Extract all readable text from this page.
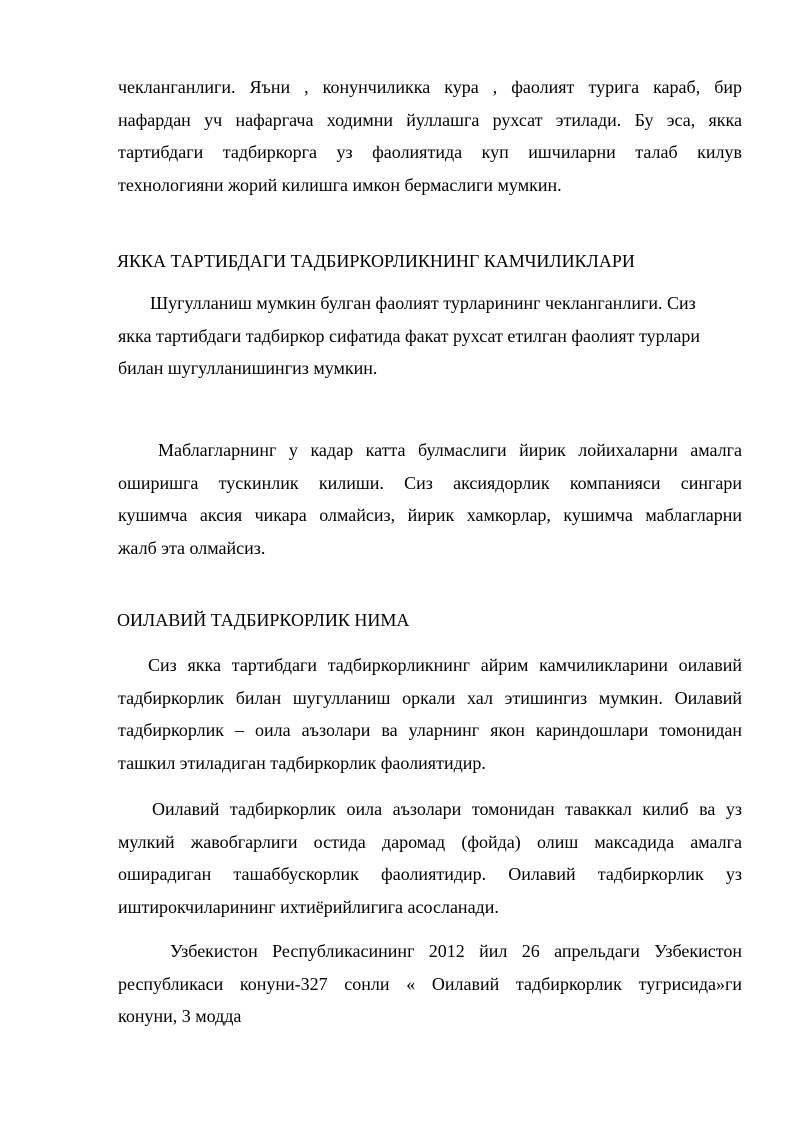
чекланганлиги. Яъни , конунчиликка кура , фаолият турига караб, бир
нафардан уч нафаргача ходимни йуллашга рухсат этилади. Бу эса, якка
тартибдаги тадбиркорга уз фаолиятида куп ишчиларни талаб килув
технологияни жорий килишга имкон бермаслиги мумкин.
ЯККА ТАРТИБДАГИ ТАДБИРКОРЛИКНИНГ КАМЧИЛИКЛАРИ
Шугулланиш мумкин булган фаолият турларининг чекланганлиги. Сиз
якка тартибдаги тадбиркор сифатида факат рухсат етилган фаолият турлари
билан шугулланишингиз мумкин.
Маблагларнинг у кадар катта булмаслиги йирик лойихаларни амалга
оширишга тускинлик килиши. Сиз аксиядорлик компанияси сингари
кушимча аксия чикара олмайсиз, йирик хамкорлар, кушимча маблагларни
жалб эта олмайсиз.
ОИЛАВИЙ ТАДБИРКОРЛИК НИМА
Сиз якка тартибдаги тадбиркорликнинг айрим камчиликларини оилавий
тадбиркорлик билан шугулланиш оркали хал этишингиз мумкин. Оилавий
тадбиркорлик – оила аъзолари ва уларнинг якон кариндошлари томонидан
ташкил этиладиган тадбиркорлик фаолиятидир.
Оилавий тадбиркорлик оила аъзолари томонидан таваккал килиб ва уз
мулкий жавобгарлиги остида даромад (фойда) олиш максадида амалга
оширадиган ташаббускорлик фаолиятидир. Оилавий тадбиркорлик уз
иштирокчиларининг ихтиёрийлигига асосланади.
Узбекистон Республикасининг 2012 йил 26 апрельдаги Узбекистон
республикаси конуни-327 сонли « Оилавий тадбиркорлик тугрисида»ги
конуни, 3 модда
